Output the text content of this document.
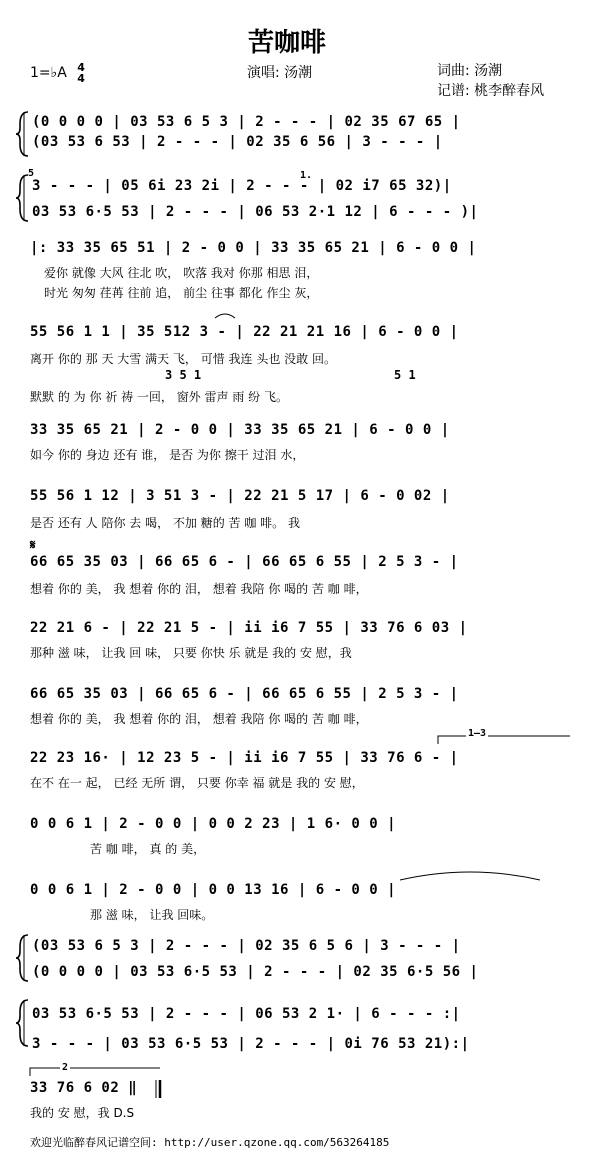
苦咖啡
1=♭A 4
4	演唱: 汤潮	词曲: 汤潮
记谱: 桃李醉春风
(0 0 0 0 | 03 53 6 5 3 | 2 - - - | 02 35 67 65 |
(03 53 6 53 | 2 - - - | 02 35 6 56 | 3 - - - |
5	1.
3 - - - | 05 6i 23 2i | 2 - - - | 02 i7 65 32)|
03 53 6·5 53 | 2 - - - | 06 53 2·1 12 | 6 - - - )|
|: 33 35 65 51 | 2 - 0 0 | 33 35 65 21 | 6 - 0 0 |
爱你 就像 大风 往北 吹， 吹落 我对 你那 相思 泪，
时光 匆匆 荏苒 往前 追， 前尘 往事 都化 作尘 灰，
55 56 1 1 | 35 512 3 - | 22 21 21 16 | 6 - 0 0 |
离开 你的 那 天 大雪 满天 飞， 可惜 我连 头也 没敢 回。
3 5 1	5 1
默默 的 为 你 祈 祷 一回， 窗外 雷声 雨 纷 飞。
33 35 65 21 | 2 - 0 0 | 33 35 65 21 | 6 - 0 0 |
如今 你的 身边 还有 谁， 是否 为你 擦干 过泪 水，
55 56 1 12 | 3 51 3 - | 22 21 5 17 | 6 - 0 02 |
是否 还有 人 陪你 去 喝， 不加 糖的 苦 咖 啡。 我
𝄋
66 65 35 03 | 66 65 6 - | 66 65 6 55 | 2 5 3 - |
想着 你的 美， 我 想着 你的 泪， 想着 我陪 你 喝的 苦 咖 啡，
22 21 6 - | 22 21 5 - | ii i6 7 55 | 33 76 6 03 |
那种 滋 味， 让我 回 味， 只要 你快 乐 就是 我的 安 慰，我
66 65 35 03 | 66 65 6 - | 66 65 6 55 | 2 5 3 - |
想着 你的 美， 我 想着 你的 泪， 想着 我陪 你 喝的 苦 咖 啡，
1—3
22 23 16· | 12 23 5 - | ii i6 7 55 | 33 76 6 - |
在不 在一 起， 已经 无所 谓， 只要 你幸 福 就是 我的 安 慰，
0 0 6 1 | 2 - 0 0 | 0 0 2 23 | 1 6· 0 0 |
苦 咖 啡， 真 的 美，
0 0 6 1 | 2 - 0 0 | 0 0 13 16 | 6 - 0 0 |
那 滋 味， 让我 回味。
(03 53 6 5 3 | 2 - - - | 02 35 6 5 6 | 3 - - - |
(0 0 0 0 | 03 53 6·5 53 | 2 - - - | 02 35 6·5 56 |
03 53 6·5 53 | 2 - - - | 06 53 2 1· | 6 - - - :|
3 - - - | 03 53 6·5 53 | 2 - - - | 0i 76 53 21):|
2
33 76 6 02 ‖
我的 安 慰，我 D.S
欢迎光临醉春风记谱空间: http://user.qzone.qq.com/563264185
